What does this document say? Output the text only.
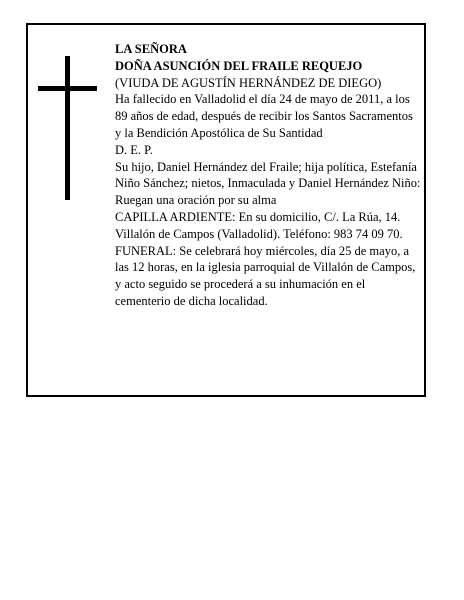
LA SEÑORA

DOÑA ASUNCIÓN DEL FRAILE REQUEJO

(VIUDA DE AGUSTÍN HERNÁNDEZ DE DIEGO)

Ha fallecido en Valladolid el día 24 de mayo de 2011, a los 89 años de edad, después de recibir los Santos Sacramentos y la Bendición Apostólica de Su Santidad

D. E. P.

Su hijo, Daniel Hernández del Fraile; hija política, Estefanía Niño Sánchez; nietos, Inmaculada y Daniel Hernández Niño:

Ruegan una oración por su alma

CAPILLA ARDIENTE: En su domicilio, C/. La Rúa, 14. Villalón de Campos (Valladolid). Teléfono: 983 74 09 70.

FUNERAL: Se celebrará hoy miércoles, día 25 de mayo, a las 12 horas, en la iglesia parroquial de Villalón de Campos, y acto seguido se procederá a su inhumación en el cementerio de dicha localidad.
